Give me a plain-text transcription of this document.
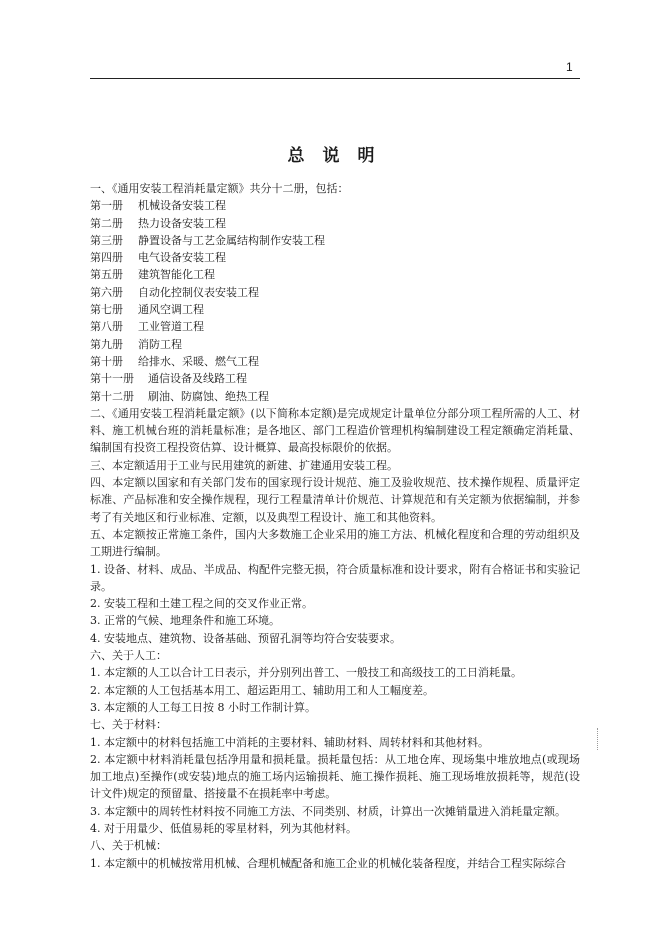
1
总说明

一、《通用安装工程消耗量定额》共分十二册，包括：

第一册	机械设备安装工程
第二册	热力设备安装工程
第三册	静置设备与工艺金属结构制作安装工程
第四册	电气设备安装工程
第五册	建筑智能化工程
第六册	自动化控制仪表安装工程
第七册	通风空调工程
第八册	工业管道工程
第九册	消防工程
第十册	给排水、采暖、燃气工程
第十一册	通信设备及线路工程
第十二册	刷油、防腐蚀、绝热工程

二、《通用安装工程消耗量定额》(以下简称本定额)是完成规定计量单位分部分项工程所需的人工、材料、施工机械台班的消耗量标准；是各地区、部门工程造价管理机构编制建设工程定额确定消耗量、编制国有投资工程投资估算、设计概算、最高投标限价的依据。

三、本定额适用于工业与民用建筑的新建、扩建通用安装工程。

四、本定额以国家和有关部门发布的国家现行设计规范、施工及验收规范、技术操作规程、质量评定标准、产品标准和安全操作规程，现行工程量清单计价规范、计算规范和有关定额为依据编制，并参考了有关地区和行业标准、定额，以及典型工程设计、施工和其他资料。

五、本定额按正常施工条件，国内大多数施工企业采用的施工方法、机械化程度和合理的劳动组织及工期进行编制。

1. 设备、材料、成品、半成品、构配件完整无损，符合质量标准和设计要求，附有合格证书和实验记录。

2. 安装工程和土建工程之间的交叉作业正常。

3. 正常的气候、地理条件和施工环境。

4. 安装地点、建筑物、设备基础、预留孔洞等均符合安装要求。

六、关于人工：

1. 本定额的人工以合计工日表示，并分别列出普工、一般技工和高级技工的工日消耗量。

2. 本定额的人工包括基本用工、超运距用工、辅助用工和人工幅度差。

3. 本定额的人工每工日按 8 小时工作制计算。

七、关于材料：

1. 本定额中的材料包括施工中消耗的主要材料、辅助材料、周转材料和其他材料。

2. 本定额中材料消耗量包括净用量和损耗量。损耗量包括：从工地仓库、现场集中堆放地点(或现场加工地点)至操作(或安装)地点的施工场内运输损耗、施工操作损耗、施工现场堆放损耗等，规范(设计文件)规定的预留量、搭接量不在损耗率中考虑。

3. 本定额中的周转性材料按不同施工方法、不同类别、材质，计算出一次摊销量进入消耗量定额。

4. 对于用量少、低值易耗的零星材料，列为其他材料。

八、关于机械：

1. 本定额中的机械按常用机械、合理机械配备和施工企业的机械化装备程度，并结合工程实际综合
